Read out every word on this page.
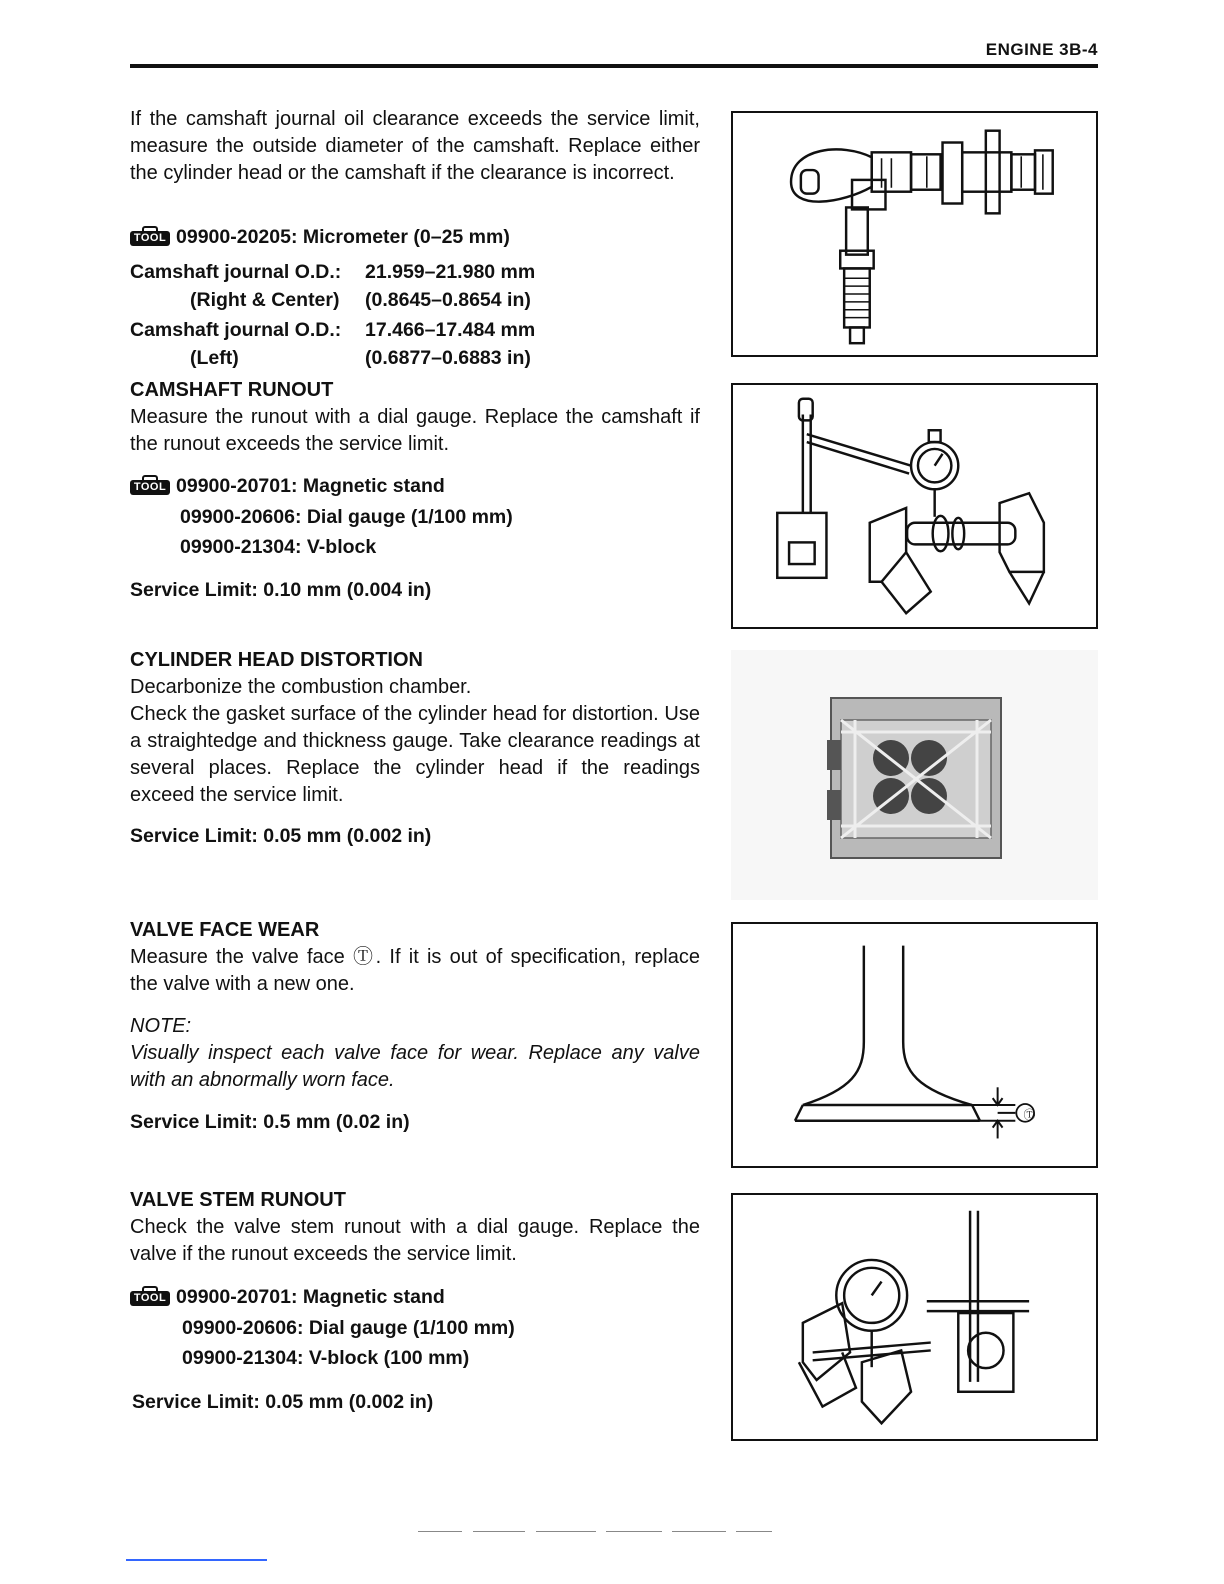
ENGINE 3B-4
If the camshaft journal oil clearance exceeds the service limit, measure the outside diameter of the camshaft. Replace either the cylinder head or the camshaft if the clearance is incorrect.
TOOL 09900-20205: Micrometer (0–25 mm)
Camshaft journal O.D.: 21.959–21.980 mm
(Right & Center) (0.8645–0.8654 in)
Camshaft journal O.D.: 17.466–17.484 mm
(Left)	(0.6877–0.6883 in)
CAMSHAFT RUNOUT
Measure the runout with a dial gauge. Replace the camshaft if the runout exceeds the service limit.
TOOL 09900-20701: Magnetic stand
09900-20606: Dial gauge (1/100 mm)
09900-21304: V-block
Service Limit: 0.10 mm (0.004 in)
CYLINDER HEAD DISTORTION
Decarbonize the combustion chamber.
Check the gasket surface of the cylinder head for distortion. Use a straightedge and thickness gauge. Take clearance readings at several places. Replace the cylinder head if the readings exceed the service limit.
Service Limit: 0.05 mm (0.002 in)
VALVE FACE WEAR
Measure the valve face Ⓣ. If it is out of specification, replace the valve with a new one.
NOTE:
Visually inspect each valve face for wear. Replace any valve with an abnormally worn face.
Service Limit: 0.5 mm (0.02 in)
VALVE STEM RUNOUT
Check the valve stem runout with a dial gauge. Replace the valve if the runout exceeds the service limit.
TOOL 09900-20701: Magnetic stand
09900-20606: Dial gauge (1/100 mm)
09900-21304: V-block (100 mm)
Service Limit: 0.05 mm (0.002 in)
Ⓣ
